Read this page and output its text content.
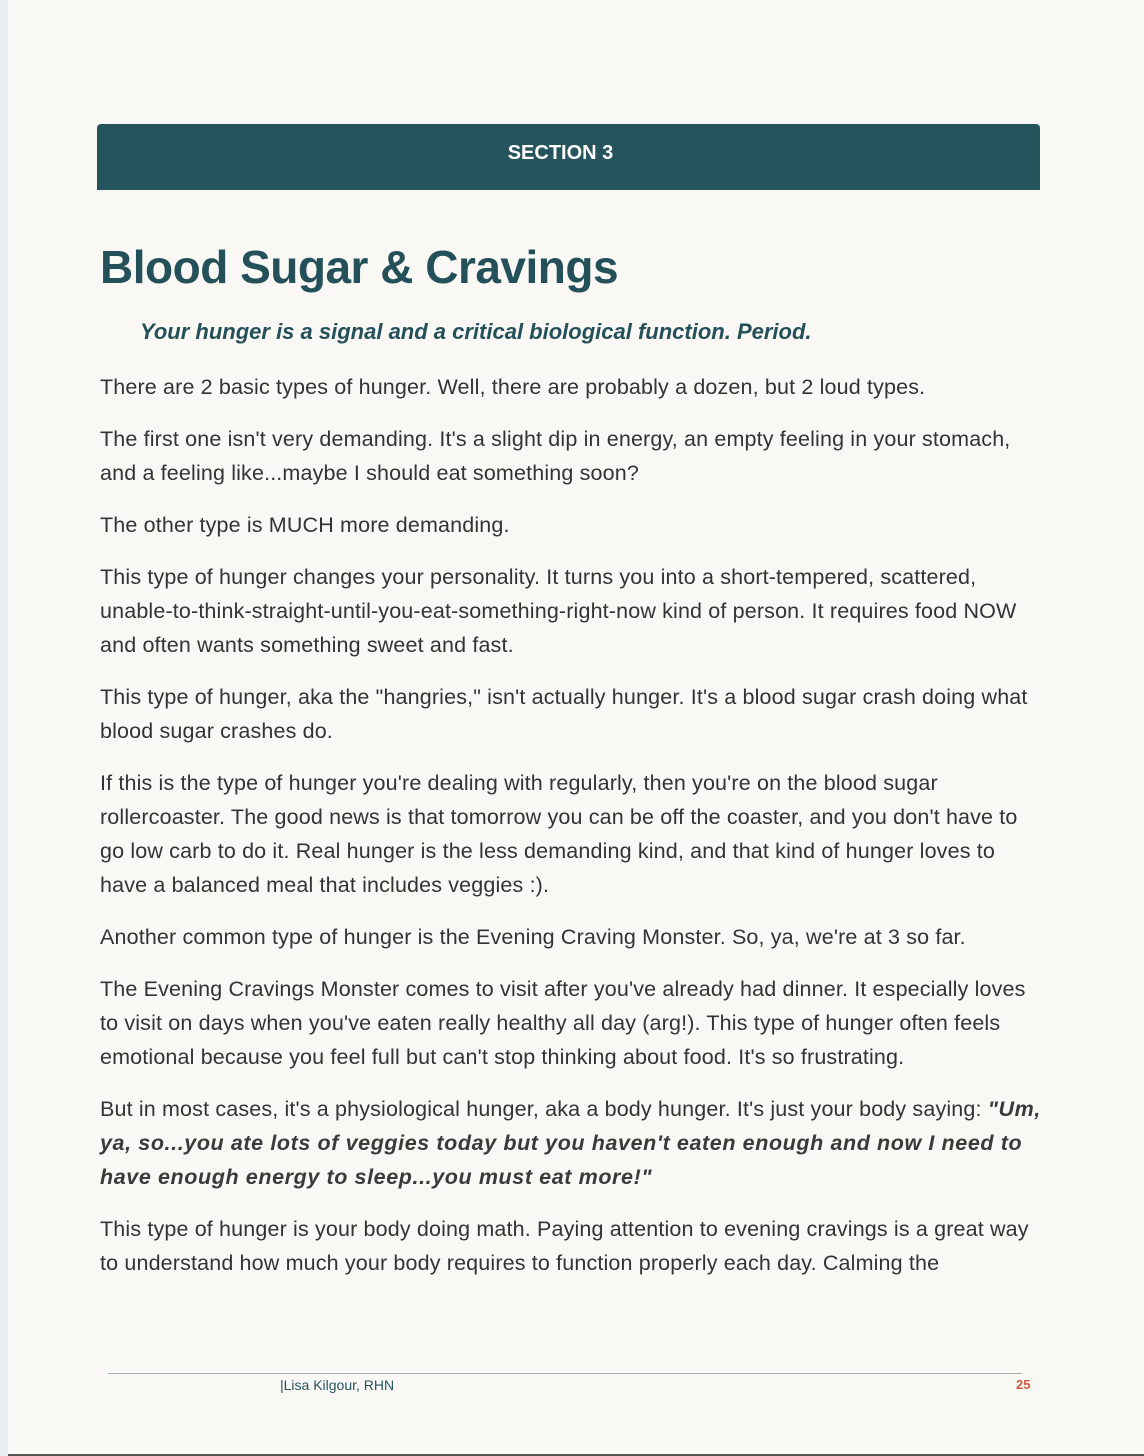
SECTION 3
Blood Sugar & Cravings
Your hunger is a signal and a critical biological function. Period.

There are 2 basic types of hunger. Well, there are probably a dozen, but 2 loud types.

The first one isn't very demanding. It's a slight dip in energy, an empty feeling in your stomach, and a feeling like...maybe I should eat something soon?

The other type is MUCH more demanding.

This type of hunger changes your personality. It turns you into a short-tempered, scattered, unable-to-think-straight-until-you-eat-something-right-now kind of person. It requires food NOW and often wants something sweet and fast.

This type of hunger, aka the "hangries," isn't actually hunger. It's a blood sugar crash doing what blood sugar crashes do.

If this is the type of hunger you're dealing with regularly, then you're on the blood sugar rollercoaster. The good news is that tomorrow you can be off the coaster, and you don't have to go low carb to do it. Real hunger is the less demanding kind, and that kind of hunger loves to have a balanced meal that includes veggies :).

Another common type of hunger is the Evening Craving Monster. So, ya, we're at 3 so far.

The Evening Cravings Monster comes to visit after you've already had dinner. It especially loves to visit on days when you've eaten really healthy all day (arg!). This type of hunger often feels emotional because you feel full but can't stop thinking about food. It's so frustrating.

But in most cases, it's a physiological hunger, aka a body hunger. It's just your body saying: "Um, ya, so...you ate lots of veggies today but you haven't eaten enough and now I need to have enough energy to sleep...you must eat more!"

This type of hunger is your body doing math. Paying attention to evening cravings is a great way to understand how much your body requires to function properly each day. Calming the

|Lisa Kilgour, RHN	25
